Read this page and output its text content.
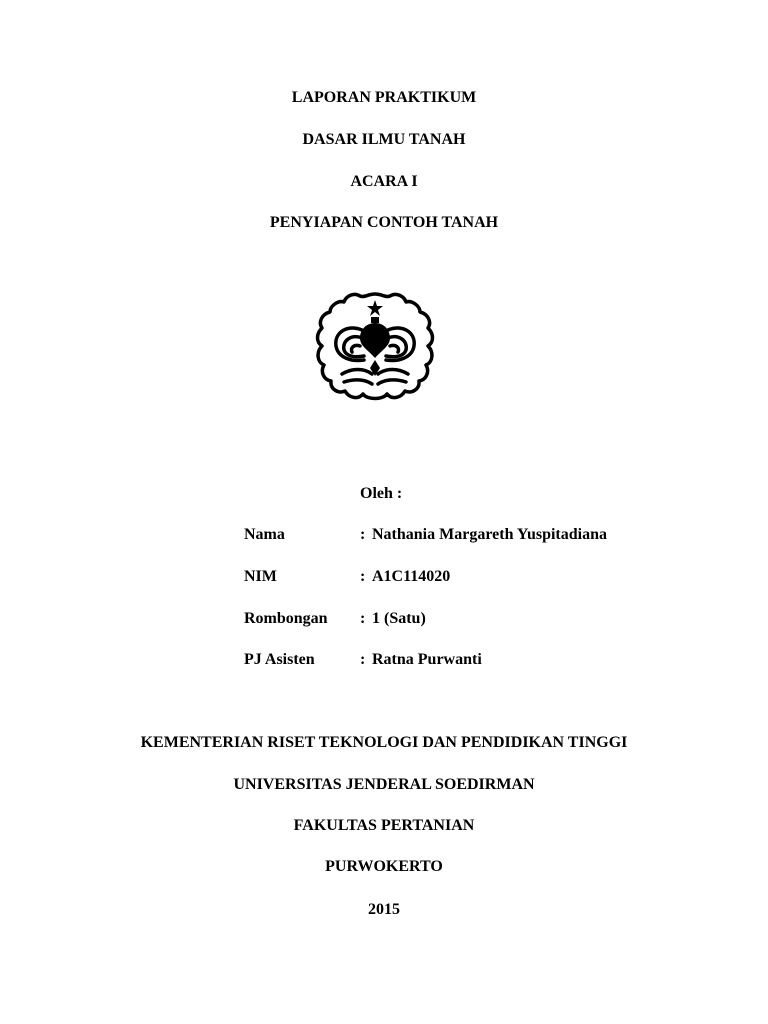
LAPORAN PRAKTIKUM
DASAR ILMU TANAH
ACARA I
PENYIAPAN CONTOH TANAH
Oleh :
Nama	: Nathania Margareth Yuspitadiana
NIM	: A1C114020
Rombongan : 1 (Satu)
PJ Asisten	: Ratna Purwanti
KEMENTERIAN RISET TEKNOLOGI DAN PENDIDIKAN TINGGI
UNIVERSITAS JENDERAL SOEDIRMAN
FAKULTAS PERTANIAN
PURWOKERTO
2015
